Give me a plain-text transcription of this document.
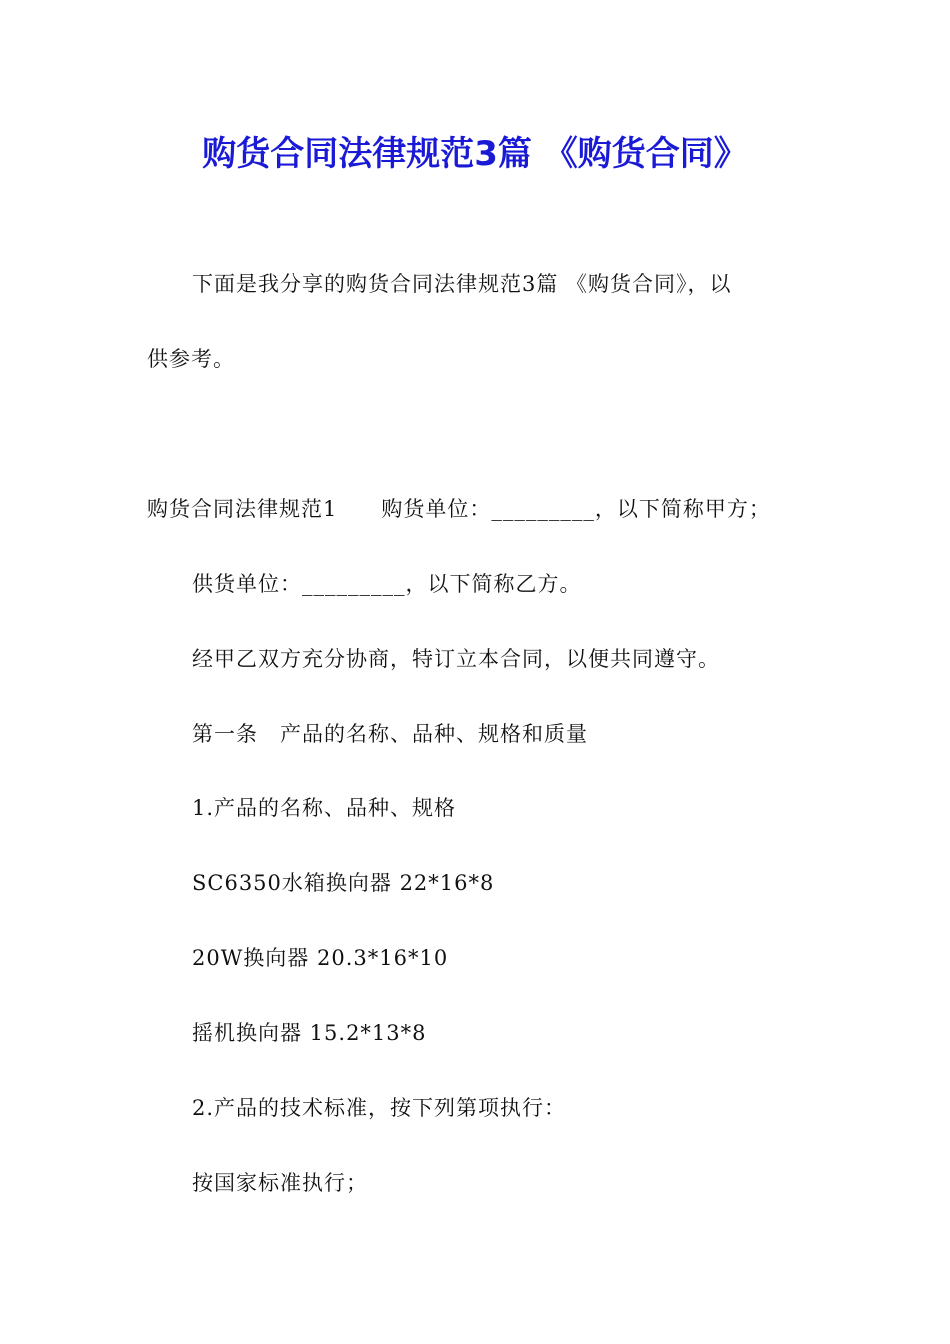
购货合同法律规范3篇 《购货合同》
下面是我分享的购货合同法律规范3篇 《购货合同》，以
供参考。
购货合同法律规范1　　购货单位：_________，以下简称甲方；
供货单位：_________，以下简称乙方。
经甲乙双方充分协商，特订立本合同，以便共同遵守。
第一条　产品的名称、品种、规格和质量
1.产品的名称、品种、规格
SC6350水箱换向器 22*16*8
20W换向器 20.3*16*10
摇机换向器 15.2*13*8
2.产品的技术标准，按下列第项执行：
按国家标准执行；
